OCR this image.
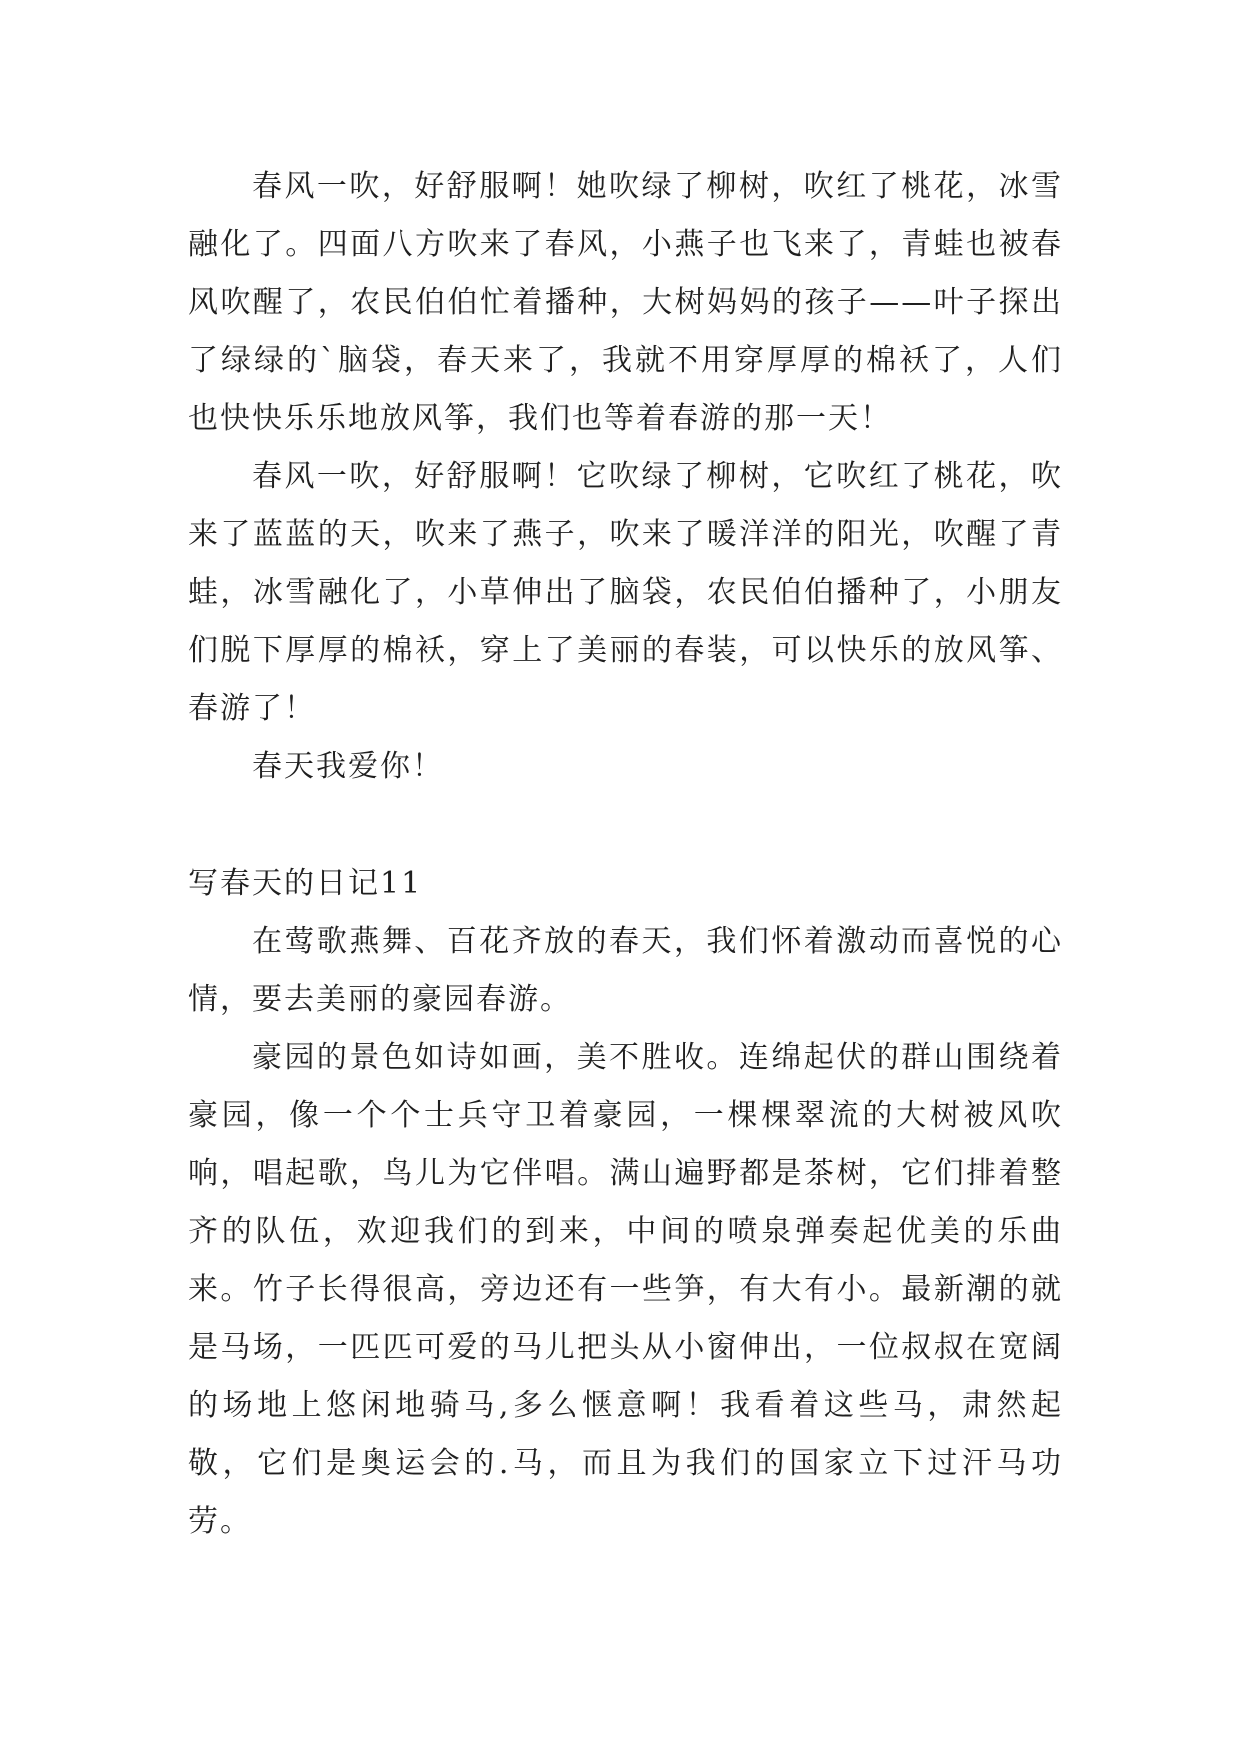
春风一吹，好舒服啊！她吹绿了柳树，吹红了桃花，冰雪融化了。四面八方吹来了春风，小燕子也飞来了，青蛙也被春风吹醒了，农民伯伯忙着播种，大树妈妈的孩子——叶子探出了绿绿的`脑袋，春天来了，我就不用穿厚厚的棉袄了，人们也快快乐乐地放风筝，我们也等着春游的那一天！

春风一吹，好舒服啊！它吹绿了柳树，它吹红了桃花，吹来了蓝蓝的天，吹来了燕子，吹来了暖洋洋的阳光，吹醒了青蛙，冰雪融化了，小草伸出了脑袋，农民伯伯播种了，小朋友们脱下厚厚的棉袄，穿上了美丽的春装，可以快乐的放风筝、春游了！

春天我爱你！

写春天的日记11

在莺歌燕舞、百花齐放的春天，我们怀着激动而喜悦的心情，要去美丽的豪园春游。

豪园的景色如诗如画，美不胜收。连绵起伏的群山围绕着豪园，像一个个士兵守卫着豪园，一棵棵翠流的大树被风吹响，唱起歌，鸟儿为它伴唱。满山遍野都是茶树，它们排着整齐的队伍，欢迎我们的到来，中间的喷泉弹奏起优美的乐曲来。竹子长得很高，旁边还有一些笋，有大有小。最新潮的就是马场，一匹匹可爱的马儿把头从小窗伸出，一位叔叔在宽阔的场地上悠闲地骑马,多么惬意啊！我看着这些马，肃然起敬，它们是奥运会的.马，而且为我们的国家立下过汗马功劳。
